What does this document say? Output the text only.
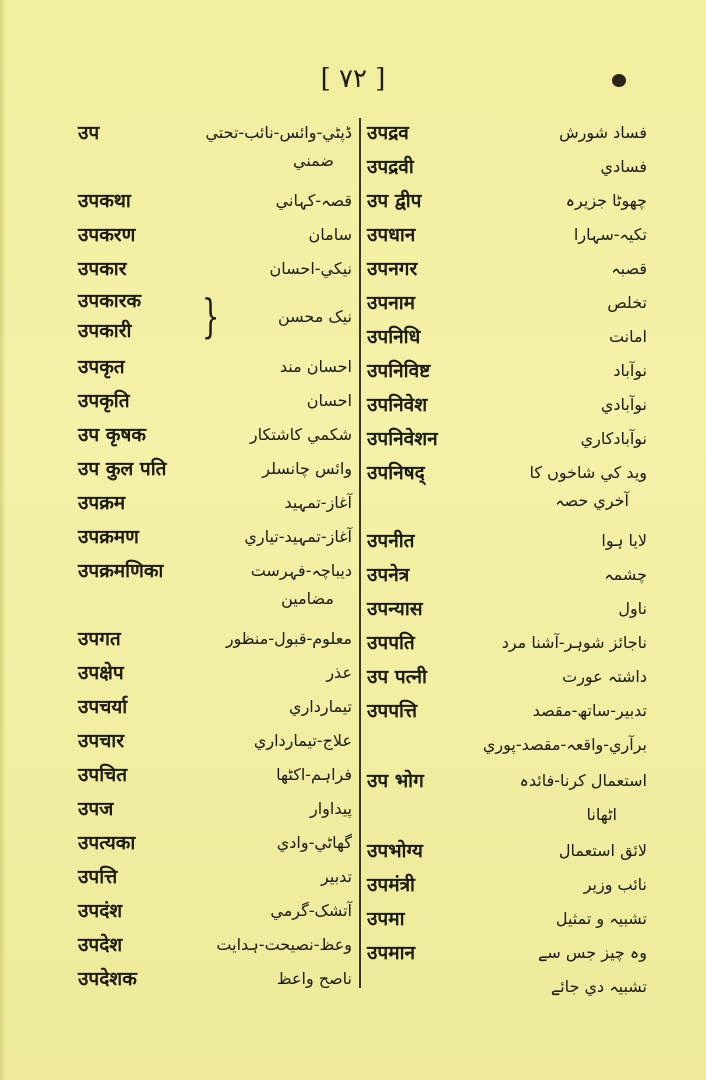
[ ۷۲ ]
उप	ڈپٹي-وائس-نائب-تحتي
ضمني
उपकथा	قصہ-کہاني
उपकरण	سامان
उपकार	نيکي-احسان
उपकारक
उपकारी }	نيک محسن
उपकृत	احسان مند
उपकृति	احسان
उप कृषक	شکمي کاشتکار
उप कुल पति	وائس چانسلر
उपक्रम	آغاز-تمہيد
उपक्रमण	آغاز-تمہيد-تياري
उपक्रमणिका	ديباچہ-فہرست
مضامين
उपगत	معلوم-قبول-منظور
उपक्षेप	عذر
उपचर्या	تيمارداري
उपचार	علاج-تيمارداري
उपचित	فراہم-اکٹھا
उपज	پيداوار
उपत्यका	گھاٹي-وادي
उपत्ति	تدبير
उपदंश	آتشک-گرمي
उपदेश	وعظ-نصيحت-ہدايت
उपदेशक	ناصح واعظ
उपद्रव	فساد شورش
उपद्रवी	فسادي
उप द्वीप	چھوٹا جزيرہ
उपधान	تکيہ-سہارا
उपनगर	قصبہ
उपनाम	تخلص
उपनिधि	امانت
उपनिविष्ट	نوآباد
उपनिवेश	نوآبادي
उपनिवेशन	نوآبادکاري
उपनिषद्	ويد کي شاخوں کا
آخري حصہ
उपनीत	لايا ہوا
उपनेत्र	چشمہ
उपन्यास	ناول
उपपति	ناجائز شوہر-آشنا مرد
उप पत्नी	داشتہ عورت
उपपत्ति	تدبير-ساتھ-مقصد
برآري-واقعہ-مقصد-پوري
उप भोग	استعمال کرنا-فائدہ
اٹھانا
उपभोग्य	لائق استعمال
उपमंत्री	نائب وزير
उपमा	تشبيہ و تمثيل
उपमान	وہ چيز جس سے
تشبيہ دي جائے
